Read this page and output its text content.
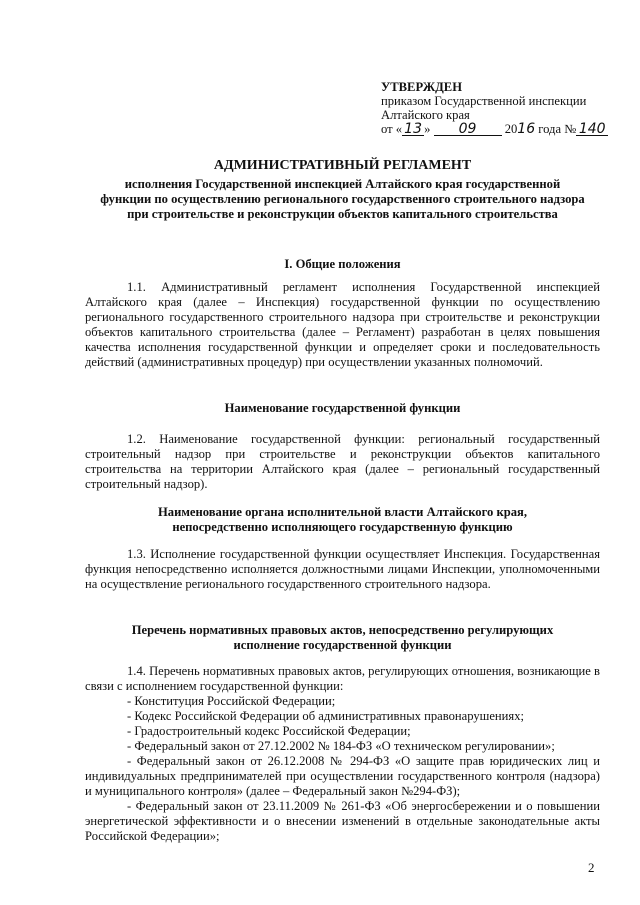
УТВЕРЖДЕН
приказом Государственной инспекции
Алтайского края
от « 13 » 09 2016 года № 140
АДМИНИСТРАТИВНЫЙ РЕГЛАМЕНТ
исполнения Государственной инспекцией Алтайского края государственной
функции по осуществлению регионального государственного строительного надзора
при строительстве и реконструкции объектов капитального строительства
I. Общие положения
1.1. Административный регламент исполнения Государственной инспекцией Алтайского края (далее – Инспекция) государственной функции по осуществлению регионального государственного строительного надзора при строительстве и реконструкции объектов капитального строительства (далее – Регламент) разработан в целях повышения качества исполнения государственной функции и определяет сроки и последовательность действий (административных процедур) при осуществлении указанных полномочий.
Наименование государственной функции
1.2. Наименование государственной функции: региональный государственный строительный надзор при строительстве и реконструкции объектов капитального строительства на территории Алтайского края (далее – региональный государственный строительный надзор).
Наименование органа исполнительной власти Алтайского края,
непосредственно исполняющего государственную функцию
1.3. Исполнение государственной функции осуществляет Инспекция. Государственная функция непосредственно исполняется должностными лицами Инспекции, уполномоченными на осуществление регионального государственного строительного надзора.
Перечень нормативных правовых актов, непосредственно регулирующих
исполнение государственной функции
1.4. Перечень нормативных правовых актов, регулирующих отношения, возникающие в связи с исполнением государственной функции:
- Конституция Российской Федерации;
- Кодекс Российской Федерации об административных правонарушениях;
- Градостроительный кодекс Российской Федерации;
- Федеральный закон от 27.12.2002 № 184-ФЗ «О техническом регулировании»;
- Федеральный закон от 26.12.2008 № 294-ФЗ «О защите прав юридических лиц и индивидуальных предпринимателей при осуществлении государственного контроля (надзора) и муниципального контроля» (далее – Федеральный закон №294-ФЗ);
- Федеральный закон от 23.11.2009 № 261-ФЗ «Об энергосбережении и о повышении энергетической эффективности и о внесении изменений в отдельные законодательные акты Российской Федерации»;
2
